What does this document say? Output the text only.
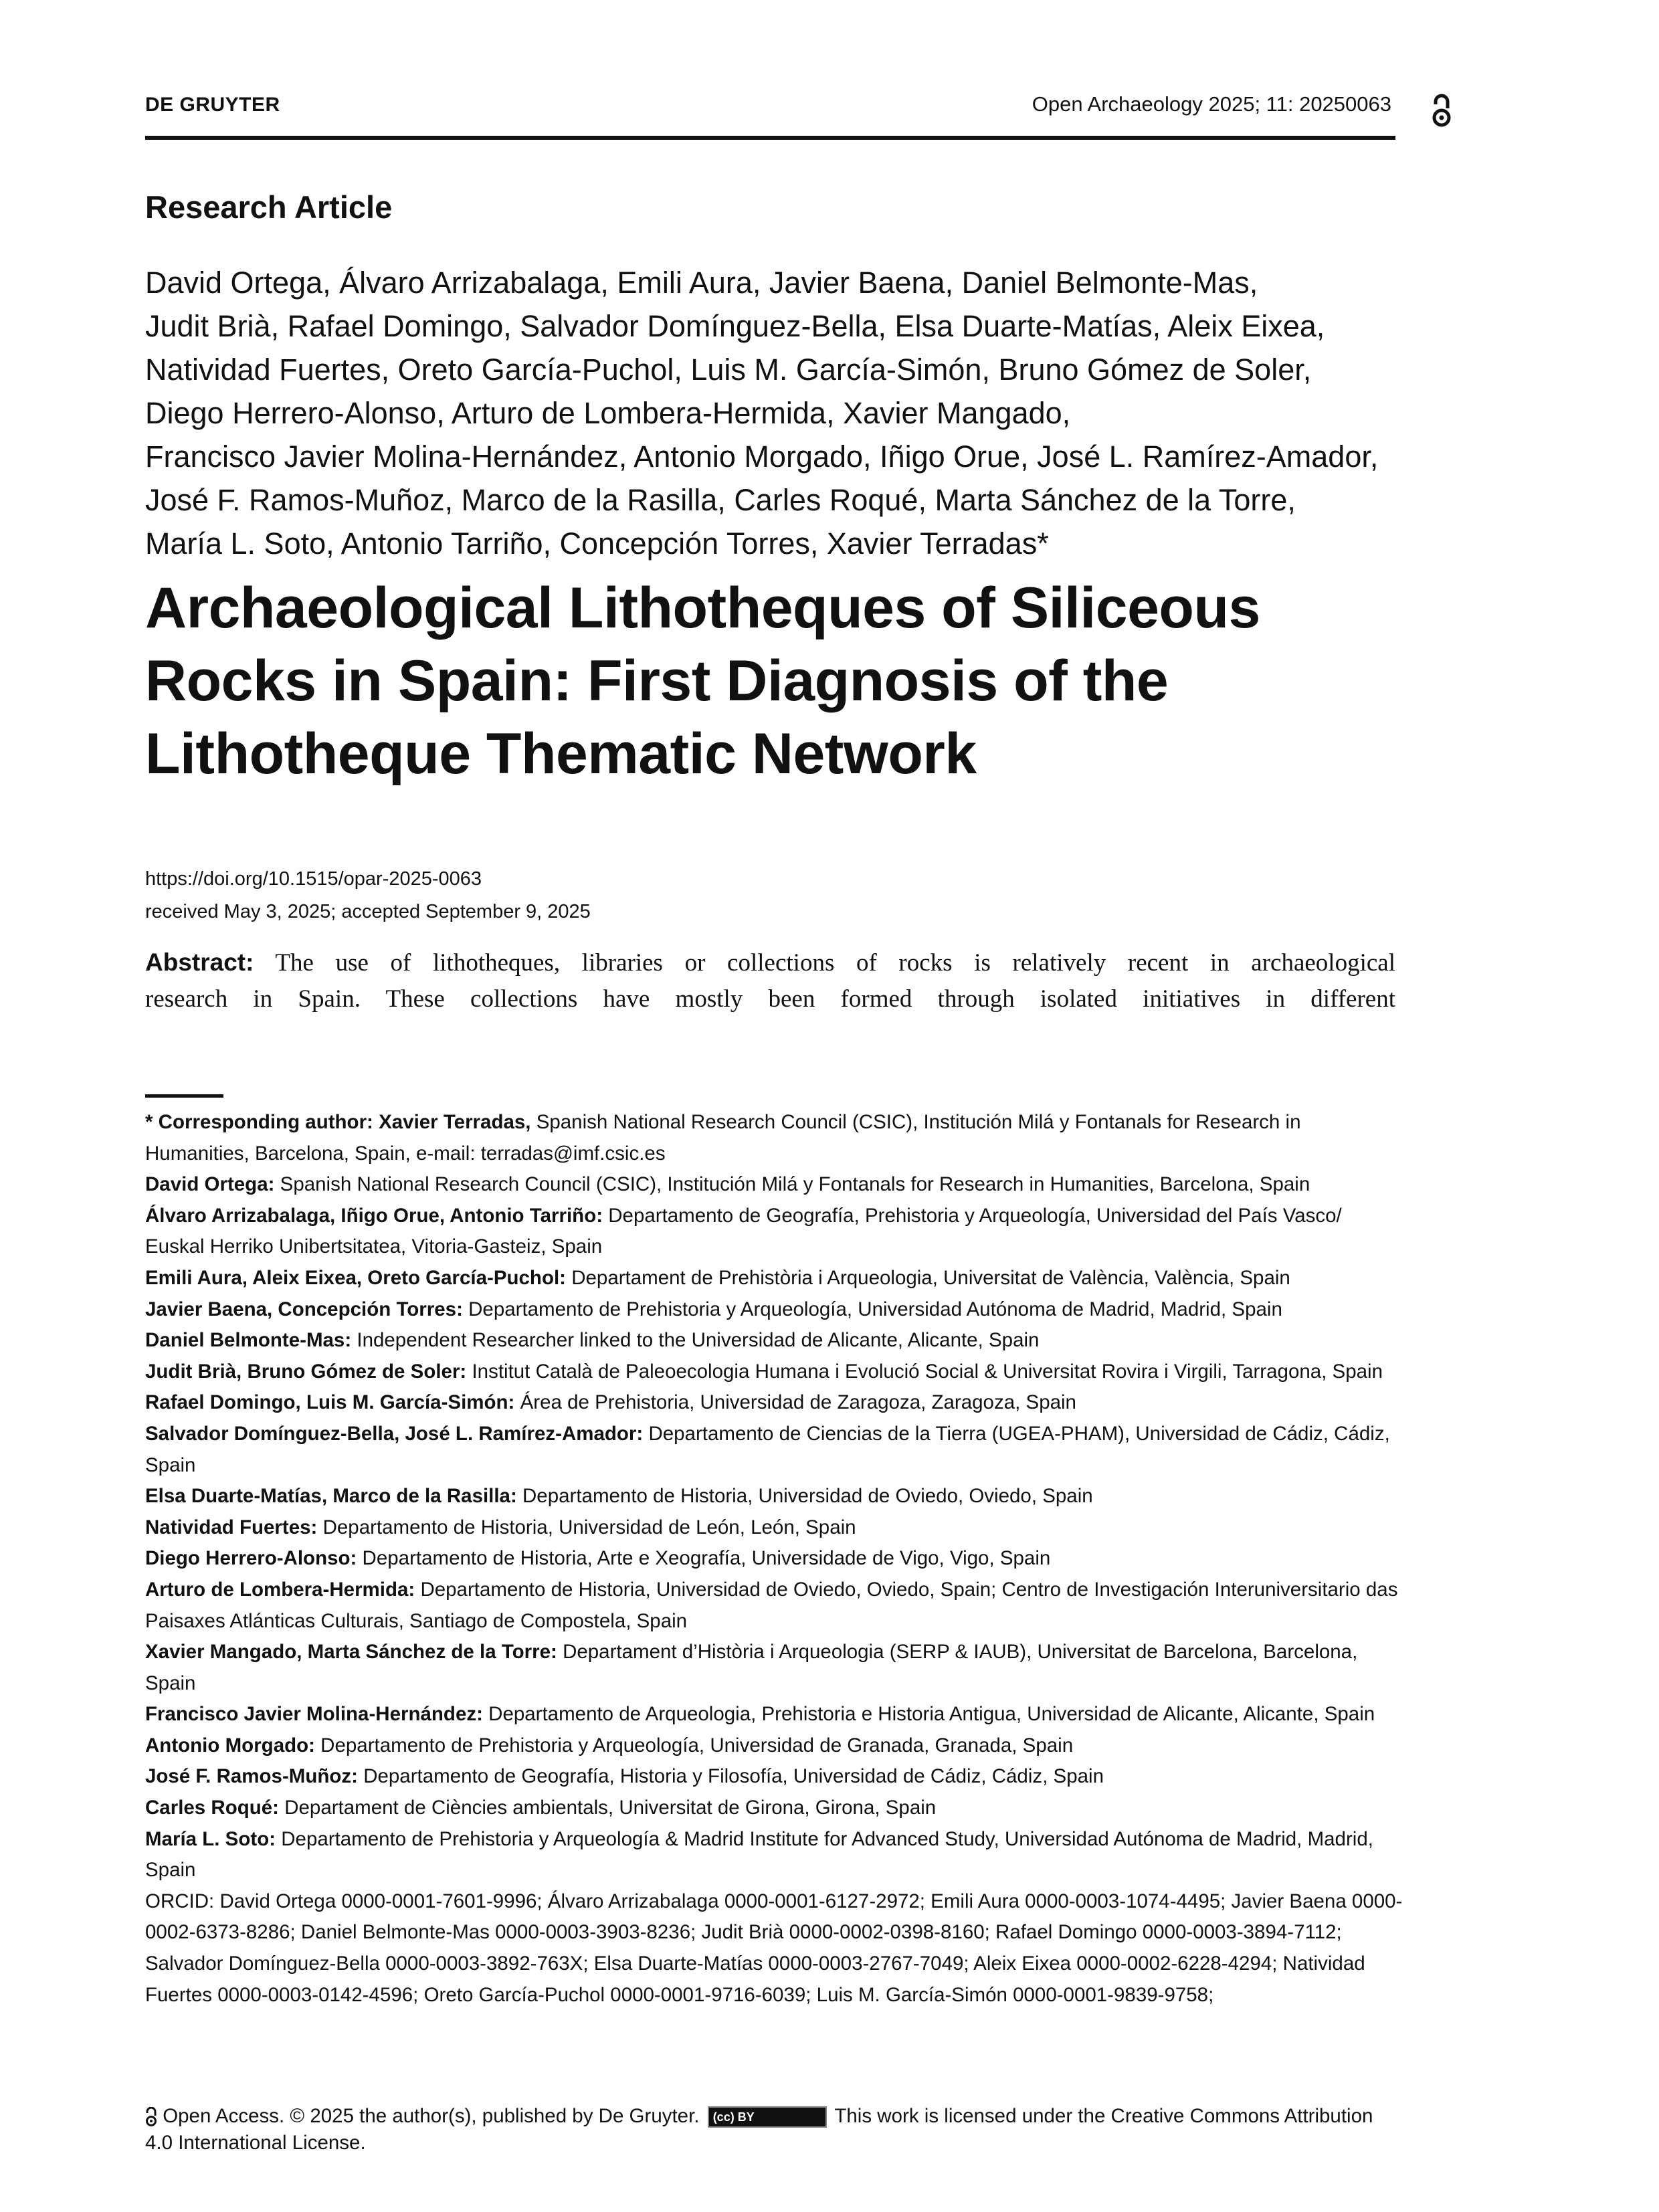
DE GRUYTER	Open Archaeology 2025; 11: 20250063
Research Article
David Ortega, Álvaro Arrizabalaga, Emili Aura, Javier Baena, Daniel Belmonte-Mas,
Judit Brià, Rafael Domingo, Salvador Domínguez-Bella, Elsa Duarte-Matías, Aleix Eixea,
Natividad Fuertes, Oreto García-Puchol, Luis M. García-Simón, Bruno Gómez de Soler,
Diego Herrero-Alonso, Arturo de Lombera-Hermida, Xavier Mangado,
Francisco Javier Molina-Hernández, Antonio Morgado, Iñigo Orue, José L. Ramírez-Amador,
José F. Ramos-Muñoz, Marco de la Rasilla, Carles Roqué, Marta Sánchez de la Torre,
María L. Soto, Antonio Tarriño, Concepción Torres, Xavier Terradas*
Archaeological Lithotheques of Siliceous
Rocks in Spain: First Diagnosis of the
Lithotheque Thematic Network
https://doi.org/10.1515/opar-2025-0063
received May 3, 2025; accepted September 9, 2025
Abstract: The use of lithotheques, libraries or collections of rocks is relatively recent in archaeological
research in Spain. These collections have mostly been formed through isolated initiatives in different
* Corresponding author: Xavier Terradas, Spanish National Research Council (CSIC), Institución Milá y Fontanals for Research in Humanities, Barcelona, Spain, e-mail: terradas@imf.csic.es
David Ortega: Spanish National Research Council (CSIC), Institución Milá y Fontanals for Research in Humanities, Barcelona, Spain
Álvaro Arrizabalaga, Iñigo Orue, Antonio Tarriño: Departamento de Geografía, Prehistoria y Arqueología, Universidad del País Vasco/ Euskal Herriko Unibertsitatea, Vitoria-Gasteiz, Spain
Emili Aura, Aleix Eixea, Oreto García-Puchol: Departament de Prehistòria i Arqueologia, Universitat de València, València, Spain
Javier Baena, Concepción Torres: Departamento de Prehistoria y Arqueología, Universidad Autónoma de Madrid, Madrid, Spain
Daniel Belmonte-Mas: Independent Researcher linked to the Universidad de Alicante, Alicante, Spain
Judit Brià, Bruno Gómez de Soler: Institut Català de Paleoecologia Humana i Evolució Social & Universitat Rovira i Virgili, Tarragona, Spain
Rafael Domingo, Luis M. García-Simón: Área de Prehistoria, Universidad de Zaragoza, Zaragoza, Spain
Salvador Domínguez-Bella, José L. Ramírez-Amador: Departamento de Ciencias de la Tierra (UGEA-PHAM), Universidad de Cádiz, Cádiz, Spain
Elsa Duarte-Matías, Marco de la Rasilla: Departamento de Historia, Universidad de Oviedo, Oviedo, Spain
Natividad Fuertes: Departamento de Historia, Universidad de León, León, Spain
Diego Herrero-Alonso: Departamento de Historia, Arte e Xeografía, Universidade de Vigo, Vigo, Spain
Arturo de Lombera-Hermida: Departamento de Historia, Universidad de Oviedo, Oviedo, Spain; Centro de Investigación Interuniversitario das Paisaxes Atlánticas Culturais, Santiago de Compostela, Spain
Xavier Mangado, Marta Sánchez de la Torre: Departament d’Història i Arqueologia (SERP & IAUB), Universitat de Barcelona, Barcelona, Spain
Francisco Javier Molina-Hernández: Departamento de Arqueologia, Prehistoria e Historia Antigua, Universidad de Alicante, Alicante, Spain
Antonio Morgado: Departamento de Prehistoria y Arqueología, Universidad de Granada, Granada, Spain
José F. Ramos-Muñoz: Departamento de Geografía, Historia y Filosofía, Universidad de Cádiz, Cádiz, Spain
Carles Roqué: Departament de Ciències ambientals, Universitat de Girona, Girona, Spain
María L. Soto: Departamento de Prehistoria y Arqueología & Madrid Institute for Advanced Study, Universidad Autónoma de Madrid, Madrid, Spain
ORCID: David Ortega 0000-0001-7601-9996; Álvaro Arrizabalaga 0000-0001-6127-2972; Emili Aura 0000-0003-1074-4495; Javier Baena 0000-0002-6373-8286; Daniel Belmonte-Mas 0000-0003-3903-8236; Judit Brià 0000-0002-0398-8160; Rafael Domingo 0000-0003-3894-7112; Salvador Domínguez-Bella 0000-0003-3892-763X; Elsa Duarte-Matías 0000-0003-2767-7049; Aleix Eixea 0000-0002-6228-4294; Natividad Fuertes 0000-0003-0142-4596; Oreto García-Puchol 0000-0001-9716-6039; Luis M. García-Simón 0000-0001-9839-9758;
Open Access. © 2025 the author(s), published by De Gruyter. (cc) BY	This work is licensed under the Creative Commons Attribution 4.0 International License.
